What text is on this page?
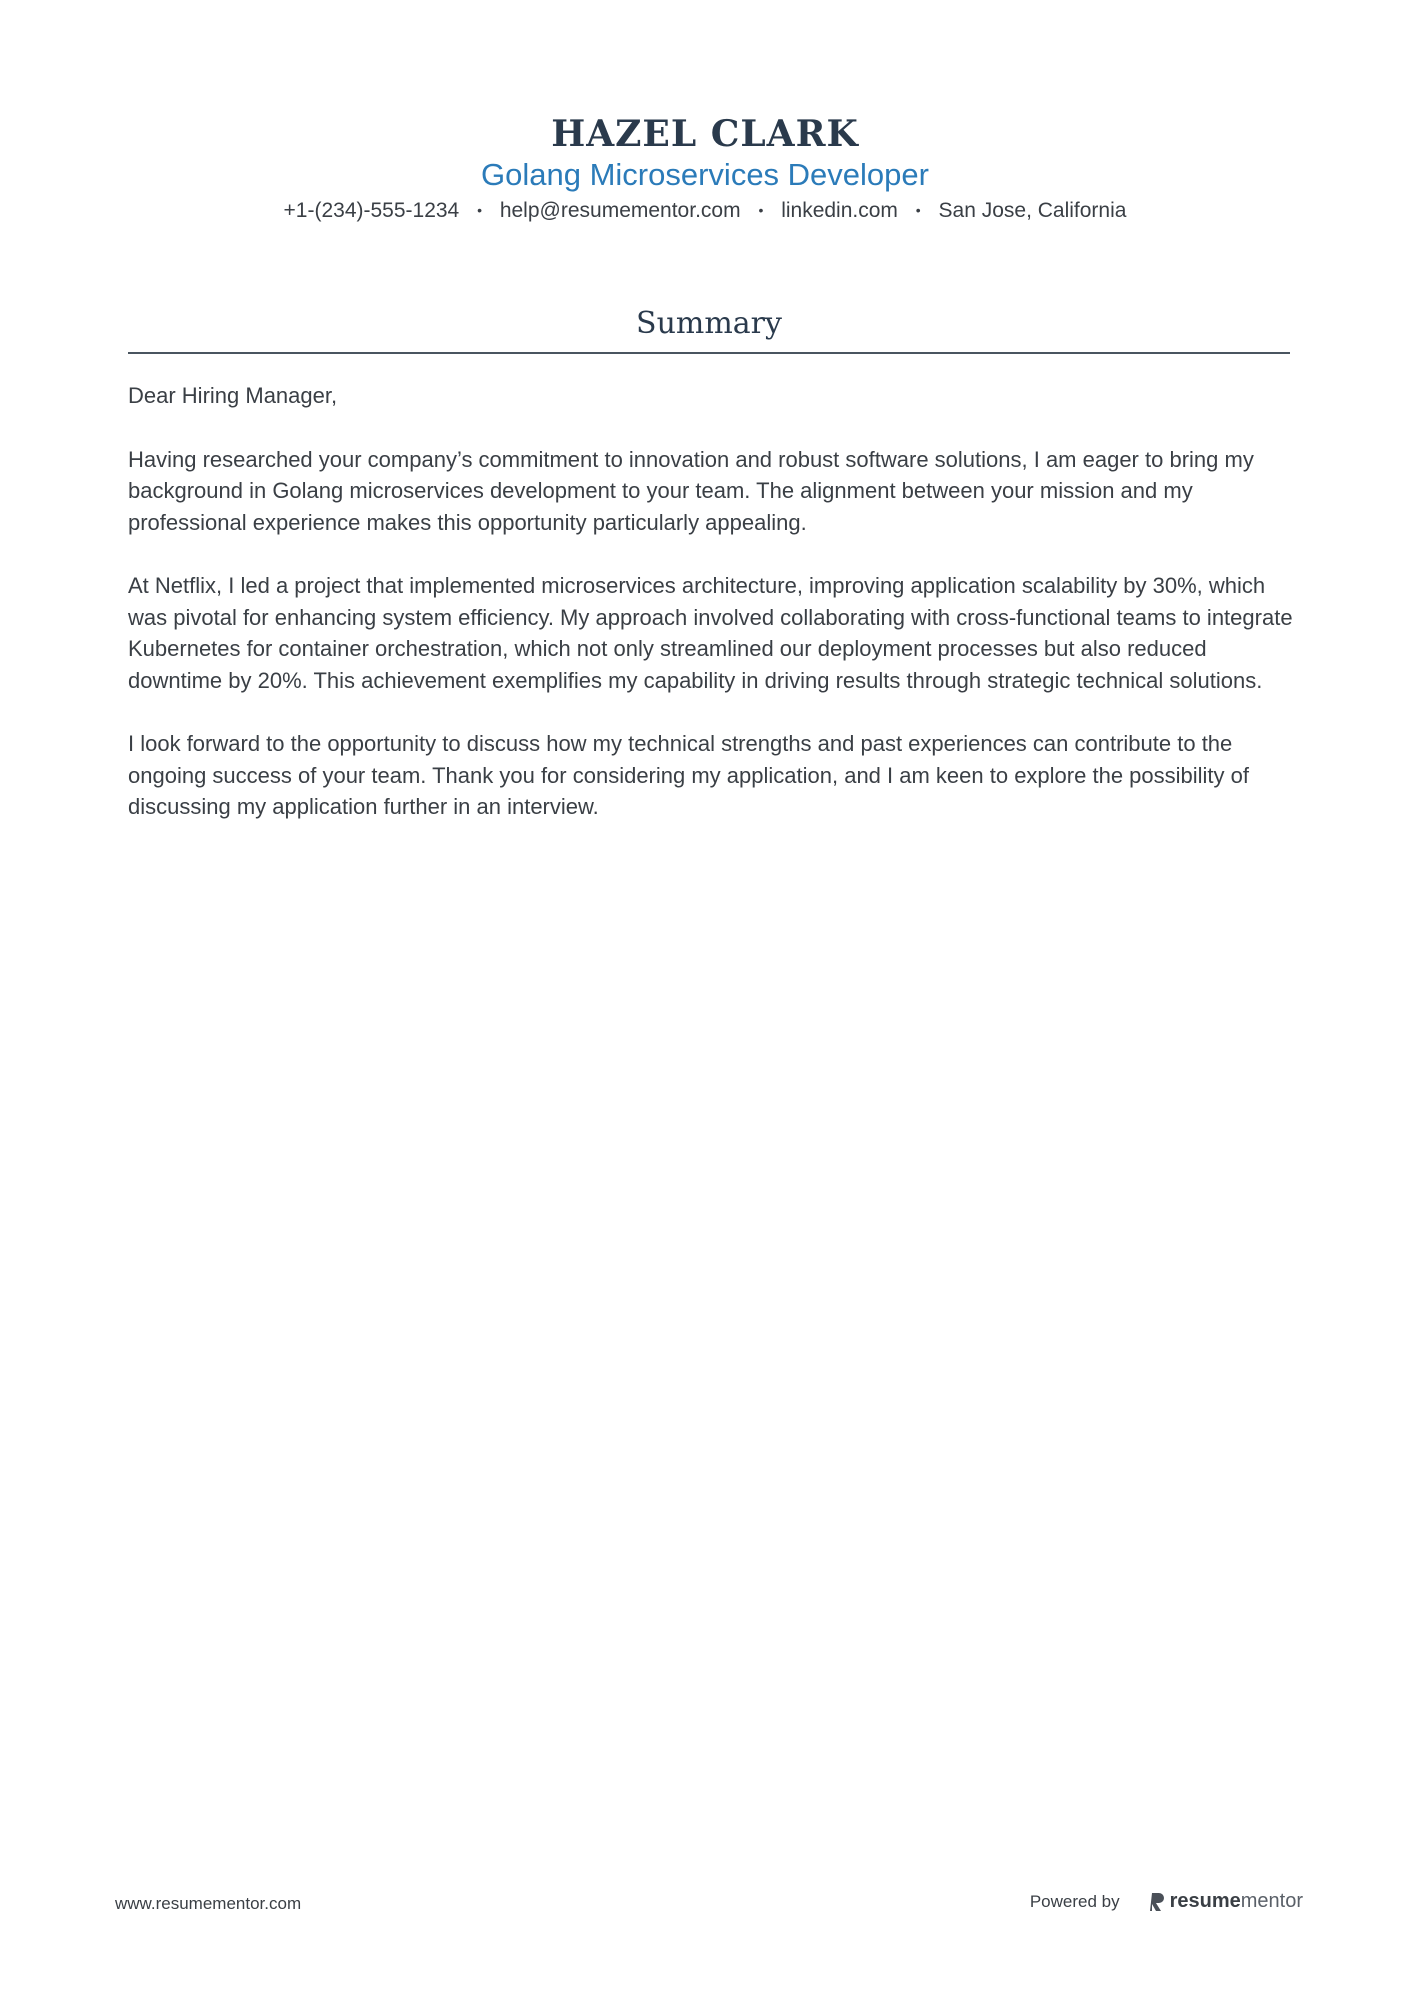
HAZEL CLARK
Golang Microservices Developer
+1-(234)-555-1234 • help@resumementor.com • linkedin.com • San Jose, California
Summary

Dear Hiring Manager,

Having researched your company’s commitment to innovation and robust software solutions, I am eager to bring my background in Golang microservices development to your team. The alignment between your mission and my professional experience makes this opportunity particularly appealing.

At Netflix, I led a project that implemented microservices architecture, improving application scalability by 30%, which was pivotal for enhancing system efficiency. My approach involved collaborating with cross-functional teams to integrate Kubernetes for container orchestration, which not only streamlined our deployment processes but also reduced downtime by 20%. This achievement exemplifies my capability in driving results through strategic technical solutions.

I look forward to the opportunity to discuss how my technical strengths and past experiences can contribute to the ongoing success of your team. Thank you for considering my application, and I am keen to explore the possibility of discussing my application further in an interview.

www.resumementor.com	Powered by	resume mentor
